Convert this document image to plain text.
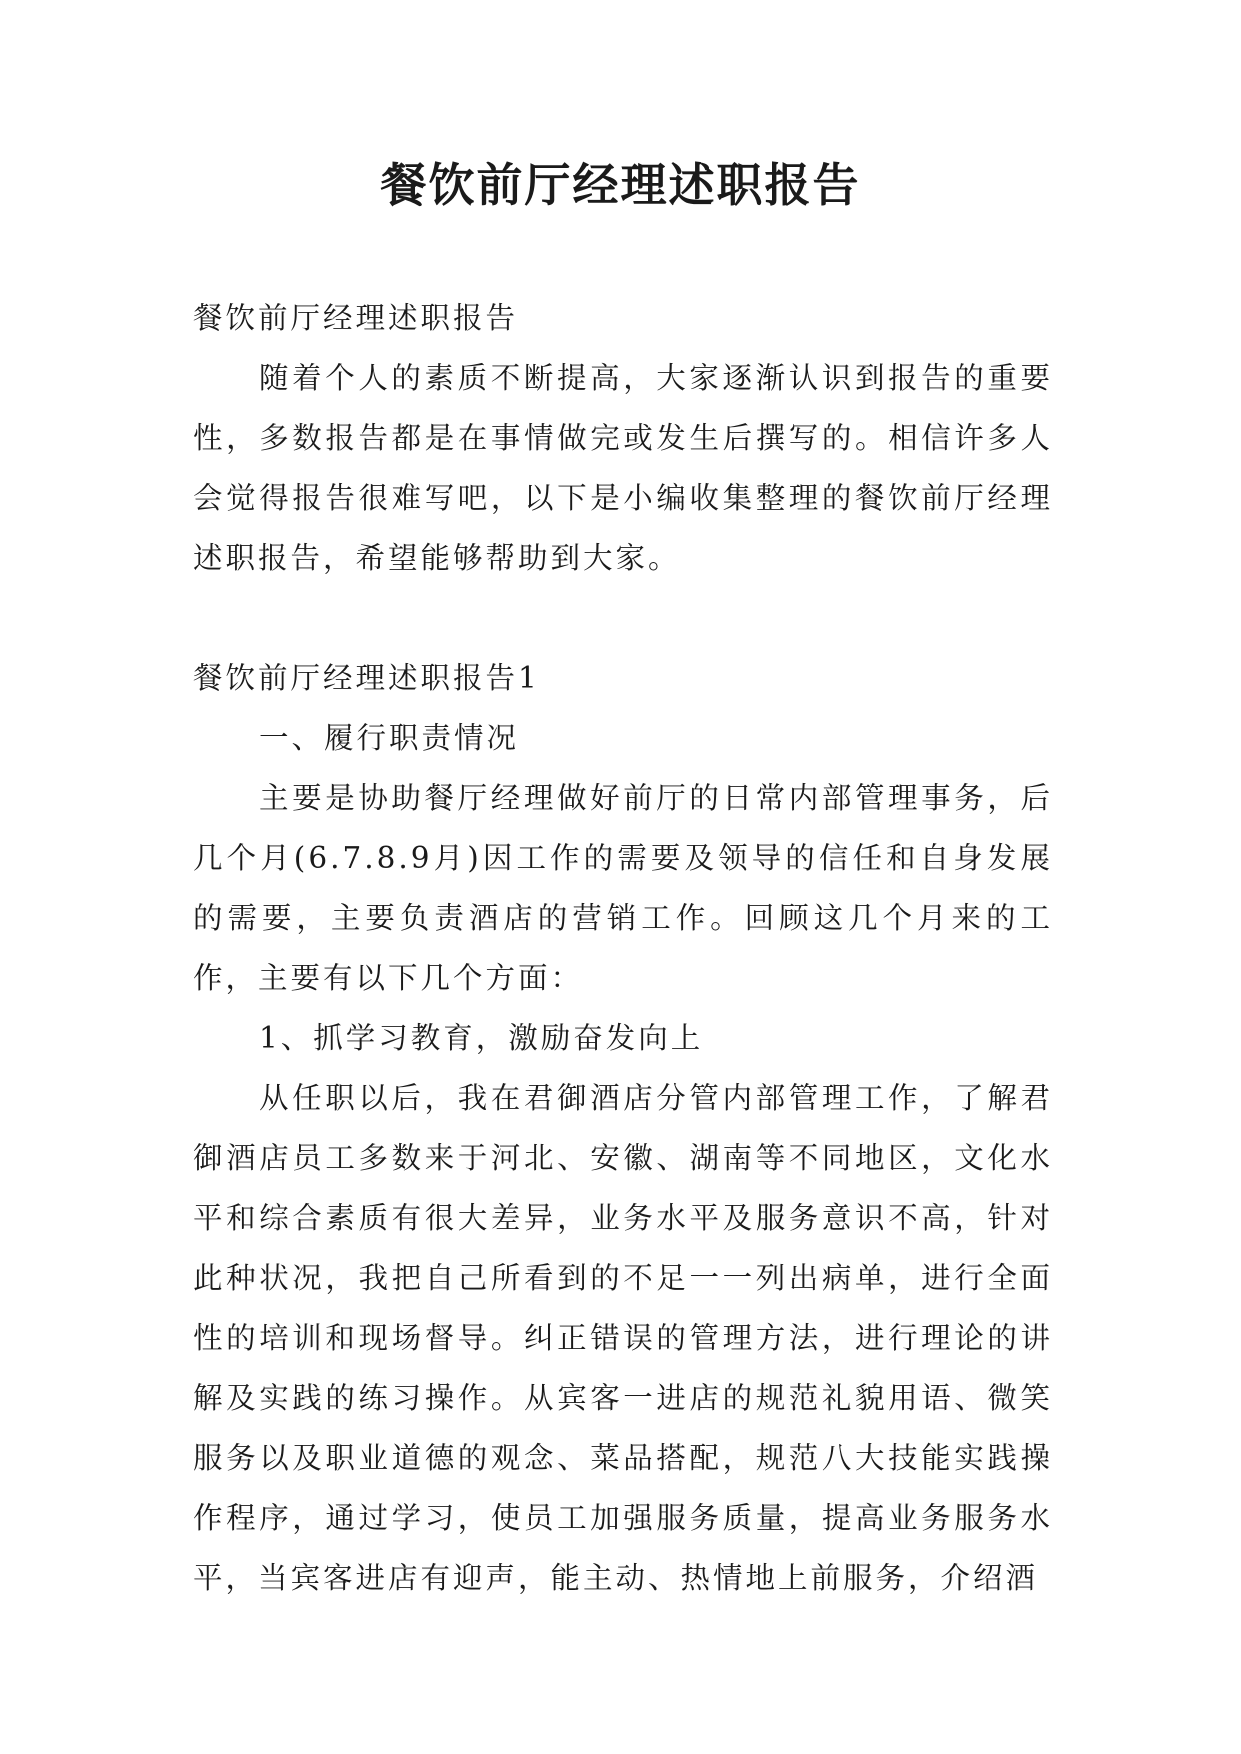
餐饮前厅经理述职报告

餐饮前厅经理述职报告

随着个人的素质不断提高，大家逐渐认识到报告的重要性，多数报告都是在事情做完或发生后撰写的。相信许多人会觉得报告很难写吧，以下是小编收集整理的餐饮前厅经理述职报告，希望能够帮助到大家。

餐饮前厅经理述职报告1

一、履行职责情况

主要是协助餐厅经理做好前厅的日常内部管理事务，后几个月(6.7.8.9月)因工作的需要及领导的信任和自身发展的需要，主要负责酒店的营销工作。回顾这几个月来的工作，主要有以下几个方面：

1、抓学习教育，激励奋发向上

从任职以后，我在君御酒店分管内部管理工作，了解君御酒店员工多数来于河北、安徽、湖南等不同地区，文化水平和综合素质有很大差异，业务水平及服务意识不高，针对此种状况，我把自己所看到的不足一一列出病单，进行全面性的培训和现场督导。纠正错误的管理方法，进行理论的讲解及实践的练习操作。从宾客一进店的规范礼貌用语、微笑服务以及职业道德的观念、菜品搭配，规范八大技能实践操作程序，通过学习，使员工加强服务质量，提高业务服务水平，当宾客进店有迎声，能主动、热情地上前服务，介绍酒
